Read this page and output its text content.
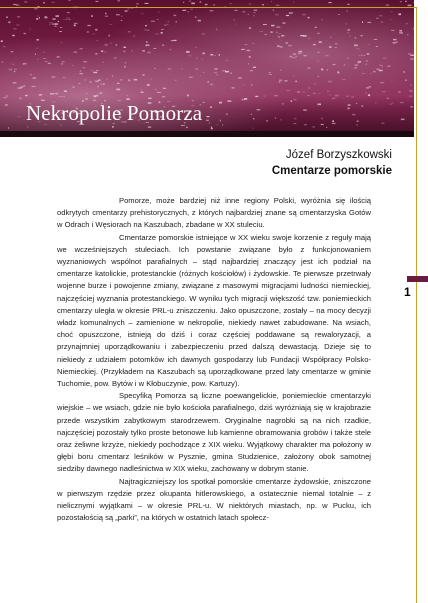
Nekropolie Pomorza
1
Józef Borzyszkowski
Cmentarze pomorskie

Pomorze, może bardziej niż inne regiony Polski, wyróżnia się ilością odkrytych cmentarzy prehistorycznych, z których najbardziej znane są cmentarzyska Gotów w Odrach i Węsiorach na Kaszubach, zbadane w XX stuleciu.

Cmentarze pomorskie istniejące w XX wieku swoje korzenie z reguły mają we wcześniejszych stuleciach. Ich powstanie związane było z funkcjonowaniem wyznaniowych wspólnot parafialnych – stąd najbardziej znaczący jest ich podział na cmentarze katolickie, protestanckie (różnych kościołów) i żydowskie. Te pierwsze przetrwały wojenne burze i powojenne zmiany, związane z masowymi migracjami ludności niemieckiej, najczęściej wyznania protestanckiego. W wyniku tych migracji większość tzw. poniemieckich cmentarzy uległa w okresie PRL-u zniszczeniu. Jako opuszczone, zostały – na mocy decyzji władz komunalnych – zamienione w nekropolie, niekiedy nawet zabudowane. Na wsiach, choć opuszczone, istnieją do dziś i coraz częściej poddawane są rewaloryzacji, a przynajmniej uporządkowaniu i zabezpieczeniu przed dalszą dewastacją. Dzieje się to niekiedy z udziałem potomków ich dawnych gospodarzy lub Fundacji Współpracy Polsko-Niemieckiej. (Przykładem na Kaszubach są uporządkowane przed laty cmentarze w gminie Tuchomie, pow. Bytów i w Kłobuczynie, pow. Kartuzy).

Specyfiką Pomorza są liczne poewangelickie, poniemieckie cmentarzyki wiejskie – we wsiach, gdzie nie było kościoła parafialnego, dziś wyróżniają się w krajobrazie przede wszystkim zabytkowym starodrzewem. Oryginalne nagrobki są na nich rzadkie, najczęściej pozostały tylko proste betonowe lub kamienne obramowania grobów i także stele oraz żeliwne krzyże, niekiedy pochodzące z XIX wieku. Wyjątkowy charakter ma położony w głębi boru cmentarz leśników w Pysznie, gmina Studzienice, założony obok samotnej siedziby dawnego nadleśnictwa w XIX wieku, zachowany w dobrym stanie.

Najtragiczniejszy los spotkał pomorskie cmentarze żydowskie, zniszczone w pierwszym rzędzie przez okupanta hitlerowskiego, a ostatecznie niemal totalnie – z nielicznymi wyjątkami – w okresie PRL-u. W niektórych miastach, np. w Pucku, ich pozostałością są „parki”, na których w ostatnich latach społecz-
